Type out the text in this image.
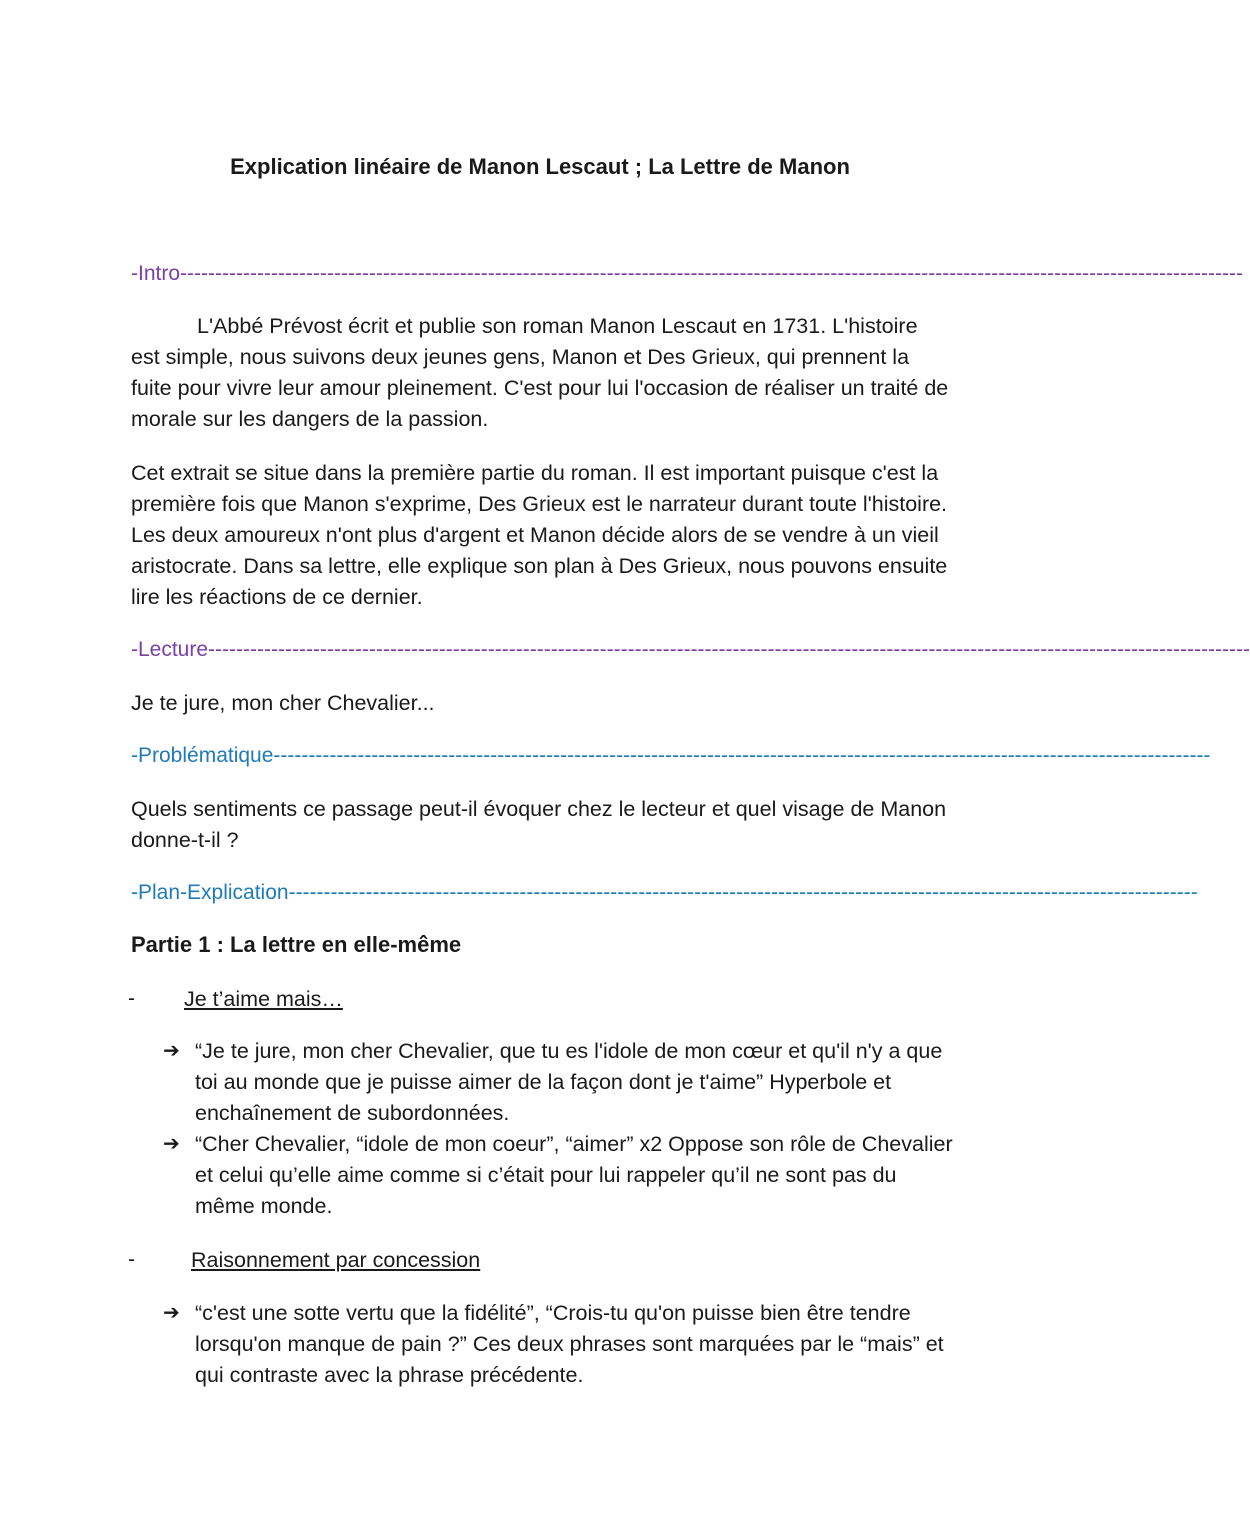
Explication linéaire de Manon Lescaut ; La Lettre de Manon
-Intro--------------------------------------------------------------------------------------------------------------------------------------------------------

L'Abbé Prévost écrit et publie son roman Manon Lescaut en 1731. L'histoire est simple, nous suivons deux jeunes gens, Manon et Des Grieux, qui prennent la fuite pour vivre leur amour pleinement. C'est pour lui l'occasion de réaliser un traité de morale sur les dangers de la passion.

Cet extrait se situe dans la première partie du roman. Il est important puisque c'est la première fois que Manon s'exprime, Des Grieux est le narrateur durant toute l'histoire. Les deux amoureux n'ont plus d'argent et Manon décide alors de se vendre à un vieil aristocrate. Dans sa lettre, elle explique son plan à Des Grieux, nous pouvons ensuite lire les réactions de ce dernier.

-Lecture-----------------------------------------------------------------------------------------------------------------------------------------------------

Je te jure, mon cher Chevalier...

-Problématique--------------------------------------------------------------------------------------------------------------------------------------

Quels sentiments ce passage peut-il évoquer chez le lecteur et quel visage de Manon donne-t-il ?

-Plan-Explication----------------------------------------------------------------------------------------------------------------------------------
Partie 1 : La lettre en elle-même
- Je t’aime mais…
➔ “Je te jure, mon cher Chevalier, que tu es l'idole de mon cœur et qu'il n'y a que toi au monde que je puisse aimer de la façon dont je t'aime” Hyperbole et enchaînement de subordonnées.
➔ “Cher Chevalier, “idole de mon coeur”, “aimer” x2 Oppose son rôle de Chevalier et celui qu’elle aime comme si c’était pour lui rappeler qu’il ne sont pas du même monde.
-	Raisonnement par concession
➔ “c'est une sotte vertu que la fidélité”, “Crois-tu qu'on puisse bien être tendre lorsqu'on manque de pain ?” Ces deux phrases sont marquées par le “mais” et qui contraste avec la phrase précédente.
